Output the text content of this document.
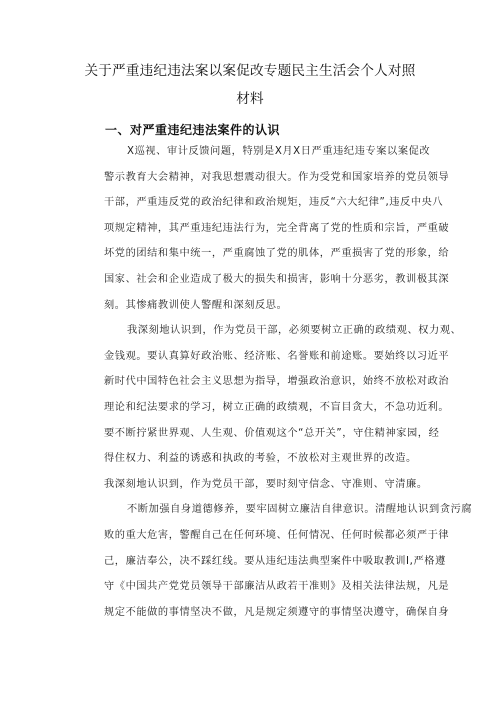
关于严重违纪违法案以案促改专题民主生活会个人对照
材料
一、对严重违纪违法案件的认识
X巡视、审计反馈问题，特别是X月X日严重违纪违专案以案促改
警示教育大会精神，对我思想震动很大。作为受党和国家培养的党员领导
干部，严重违反党的政治纪律和政治规矩，违反“六大纪律”,违反中央八
项规定精神，其严重违纪违法行为，完全背离了党的性质和宗旨，严重破
坏党的团结和集中统一，严重腐蚀了党的肌体，严重损害了党的形象，给
国家、社会和企业造成了极大的损失和损害，影响十分恶劣，教训极其深
刻。其惨痛教训使人警醒和深刻反思。
我深刻地认识到，作为党员干部，必须要树立正确的政绩观、权力观、
金钱观。要认真算好政治账、经济账、名誉账和前途账。要始终以习近平
新时代中国特色社会主义思想为指导，增强政治意识，始终不放松对政治
理论和纪法要求的学习，树立正确的政绩观，不盲目贪大，不急功近利。
要不断拧紧世界观、人生观、价值观这个“总开关”，守住精神家园，经
得住权力、利益的诱惑和执政的考验，不放松对主观世界的改造。
我深刻地认识到，作为党员干部，要时刻守信念、守准则、守清廉。
不断加强自身道德修养，要牢固树立廉洁自律意识。清醒地认识到贪污腐
败的重大危害，警醒自己在任何环境、任何情况、任何时候都必须严于律
己，廉洁奉公，决不踩红线。要从违纪违法典型案件中吸取教训I,严格遵
守《中国共产党党员领导干部廉洁从政若干准则》及相关法律法规，凡是
规定不能做的事情坚决不做，凡是规定须遵守的事情坚决遵守，确保自身
